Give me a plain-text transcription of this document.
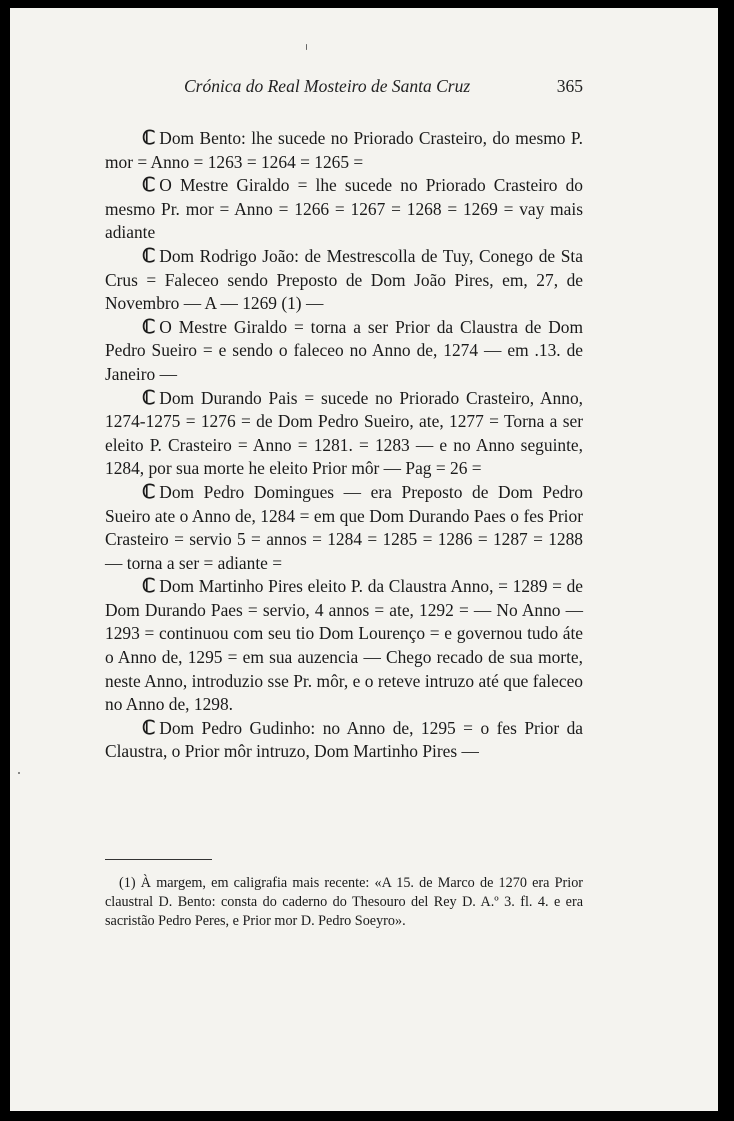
Crónica do Real Mosteiro de Santa Cruz	365

ℂ Dom Bento: lhe sucede no Priorado Crasteiro, do mesmo P. mor = Anno = 1263 = 1264 = 1265 =

ℂ O Mestre Giraldo = lhe sucede no Priorado Crasteiro do mesmo Pr. mor = Anno = 1266 = 1267 = 1268 = 1269 = vay mais adiante

ℂ Dom Rodrigo João: de Mestrescolla de Tuy, Conego de Sta Crus = Faleceo sendo Preposto de Dom João Pires, em, 27, de Novembro — A — 1269 (1) —

ℂ O Mestre Giraldo = torna a ser Prior da Claustra de Dom Pedro Sueiro = e sendo o faleceo no Anno de, 1274 — em .13. de Janeiro —

ℂ Dom Durando Pais = sucede no Priorado Crasteiro, Anno, 1274-1275 = 1276 = de Dom Pedro Sueiro, ate, 1277 = Torna a ser eleito P. Crasteiro = Anno = 1281. = 1283 — e no Anno seguinte, 1284, por sua morte he eleito Prior môr — Pag = 26 =

ℂ Dom Pedro Domingues — era Preposto de Dom Pedro Sueiro ate o Anno de, 1284 = em que Dom Durando Paes o fes Prior Crasteiro = servio 5 = annos = 1284 = 1285 = 1286 = 1287 = 1288 — torna a ser = adiante =

ℂ Dom Martinho Pires eleito P. da Claustra Anno, = 1289 = de Dom Durando Paes = servio, 4 annos = ate, 1292 = — No Anno — 1293 = continuou com seu tio Dom Lourenço = e governou tudo áte o Anno de, 1295 = em sua auzencia — Chego recado de sua morte, neste Anno, introduzio sse Pr. môr, e o reteve intruzo até que faleceo no Anno de, 1298.

ℂ Dom Pedro Gudinho: no Anno de, 1295 = o fes Prior da Claustra, o Prior môr intruzo, Dom Martinho Pires —

(1) À margem, em caligrafia mais recente: «A 15. de Marco de 1270 era Prior claustral D. Bento: consta do caderno do Thesouro del Rey D. A.º 3. fl. 4. e era sacristão Pedro Peres, e Prior mor D. Pedro Soeyro».
